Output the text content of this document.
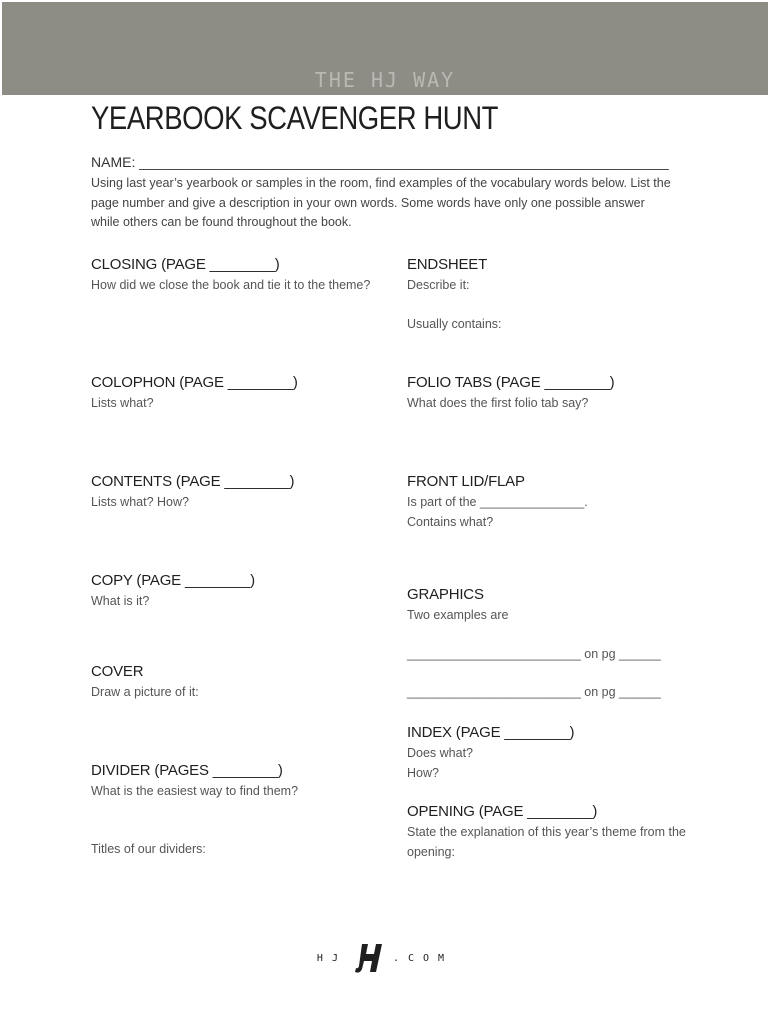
THE HJ WAY
YEARBOOK SCAVENGER HUNT
NAME: ____________________________________________________________________
Using last year’s yearbook or samples in the room, find examples of the vocabulary words below. List the page number and give a description in your own words. Some words have only one possible answer while others can be found throughout the book.
CLOSING (PAGE ________)
How did we close the book and tie it to the theme?
COLOPHON (PAGE ________)
Lists what?
CONTENTS (PAGE ________)
Lists what? How?
COPY (PAGE ________)
What is it?
COVER
Draw a picture of it:
DIVIDER (PAGES ________)
What is the easiest way to find them?
Titles of our dividers:
ENDSHEET
Describe it:
Usually contains:
FOLIO TABS (PAGE ________)
What does the first folio tab say?
FRONT LID/FLAP
Is part of the _______________.
Contains what?
GRAPHICS
Two examples are
_________________________ on pg ______
_________________________ on pg ______
INDEX (PAGE ________)
Does what?
How?
OPENING (PAGE ________)
State the explanation of this year’s theme from the
opening:
HJ	.COM
